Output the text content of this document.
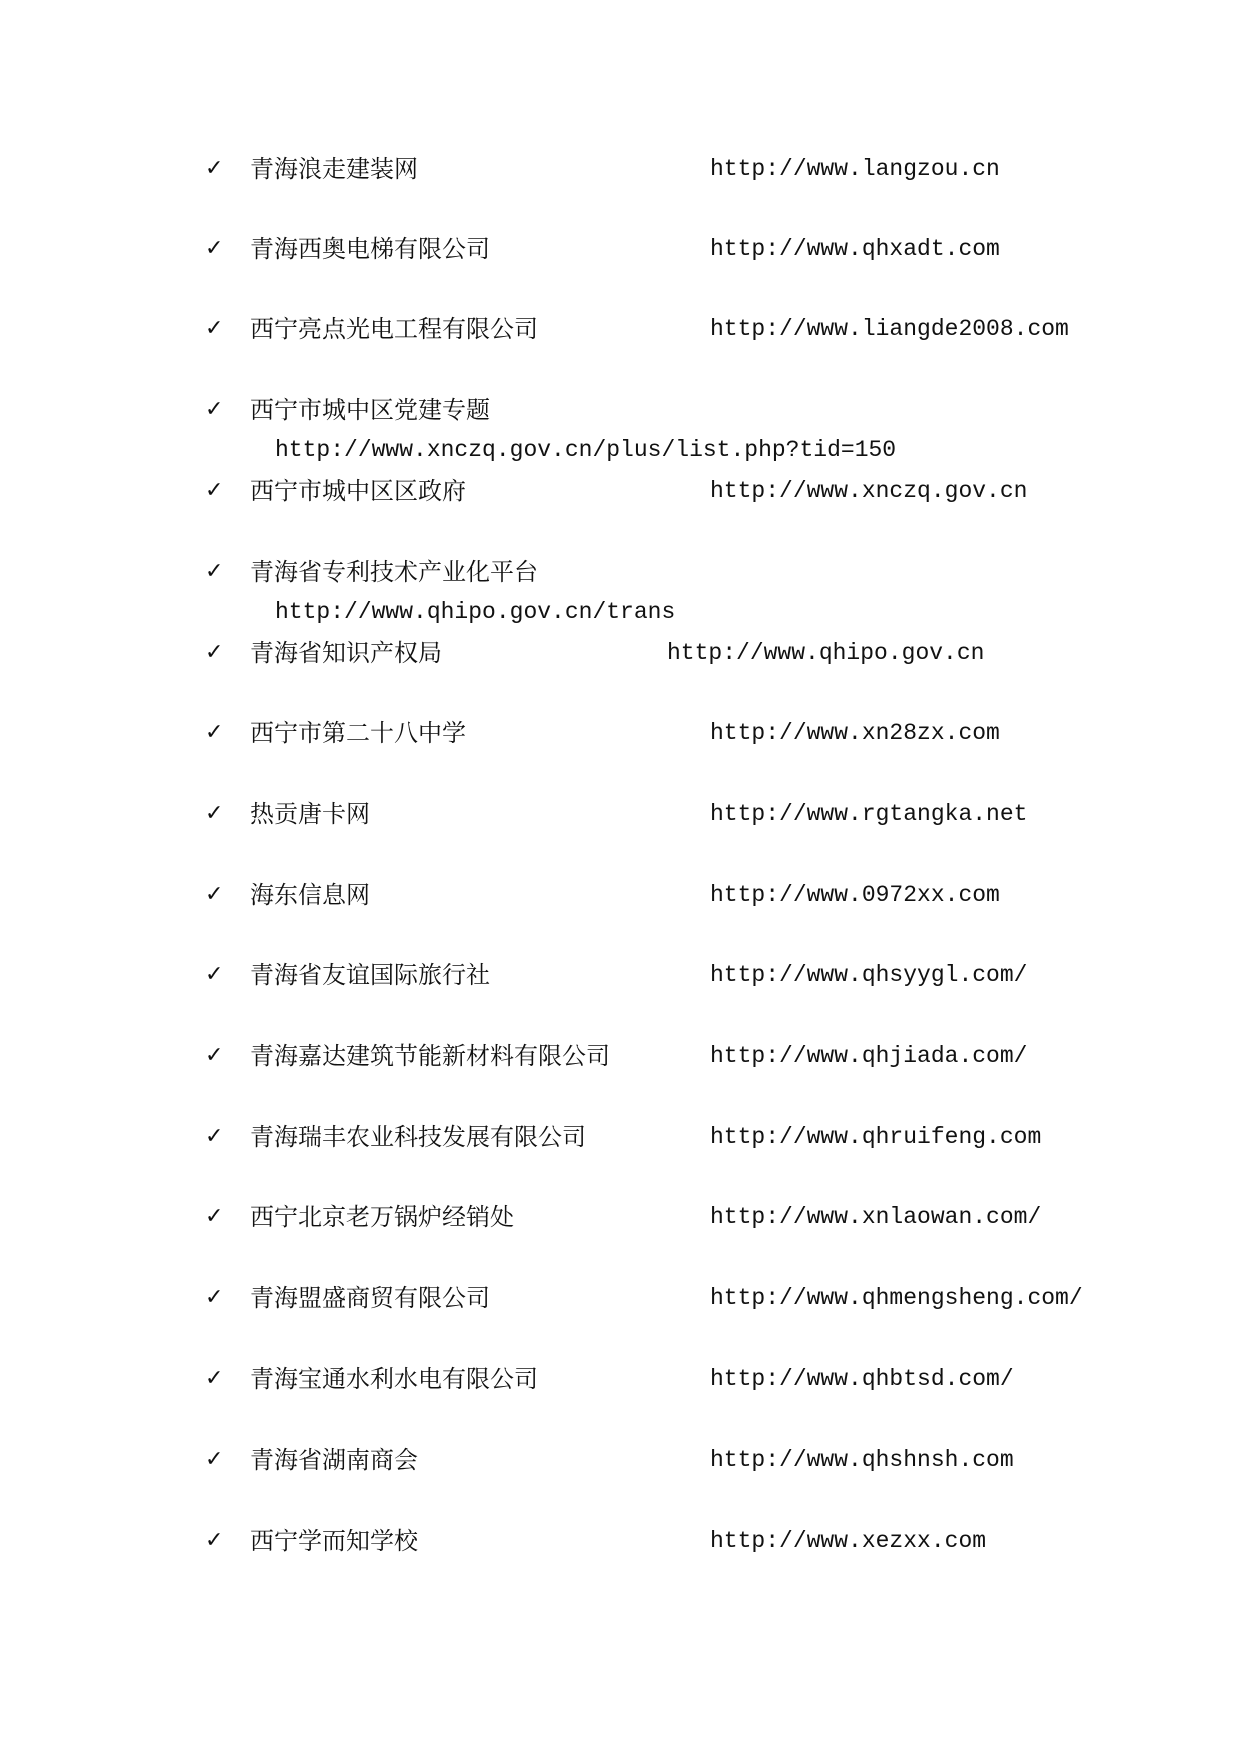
✓ 青海浪走建装网	http://www.langzou.cn
✓ 青海西奥电梯有限公司	http://www.qhxadt.com
✓ 西宁亮点光电工程有限公司	http://www.liangde2008.com
✓ 西宁市城中区党建专题
http://www.xnczq.gov.cn/plus/list.php?tid=150
✓ 西宁市城中区区政府	http://www.xnczq.gov.cn
✓ 青海省专利技术产业化平台
http://www.qhipo.gov.cn/trans
✓ 青海省知识产权局	http://www.qhipo.gov.cn
✓ 西宁市第二十八中学	http://www.xn28zx.com
✓ 热贡唐卡网	http://www.rgtangka.net
✓ 海东信息网	http://www.0972xx.com
✓ 青海省友谊国际旅行社	http://www.qhsyygl.com/
✓ 青海嘉达建筑节能新材料有限公司	http://www.qhjiada.com/
✓ 青海瑞丰农业科技发展有限公司	http://www.qhruifeng.com
✓ 西宁北京老万锅炉经销处	http://www.xnlaowan.com/
✓ 青海盟盛商贸有限公司	http://www.qhmengsheng.com/
✓ 青海宝通水利水电有限公司	http://www.qhbtsd.com/
✓ 青海省湖南商会	http://www.qhshnsh.com
✓ 西宁学而知学校	http://www.xezxx.com
